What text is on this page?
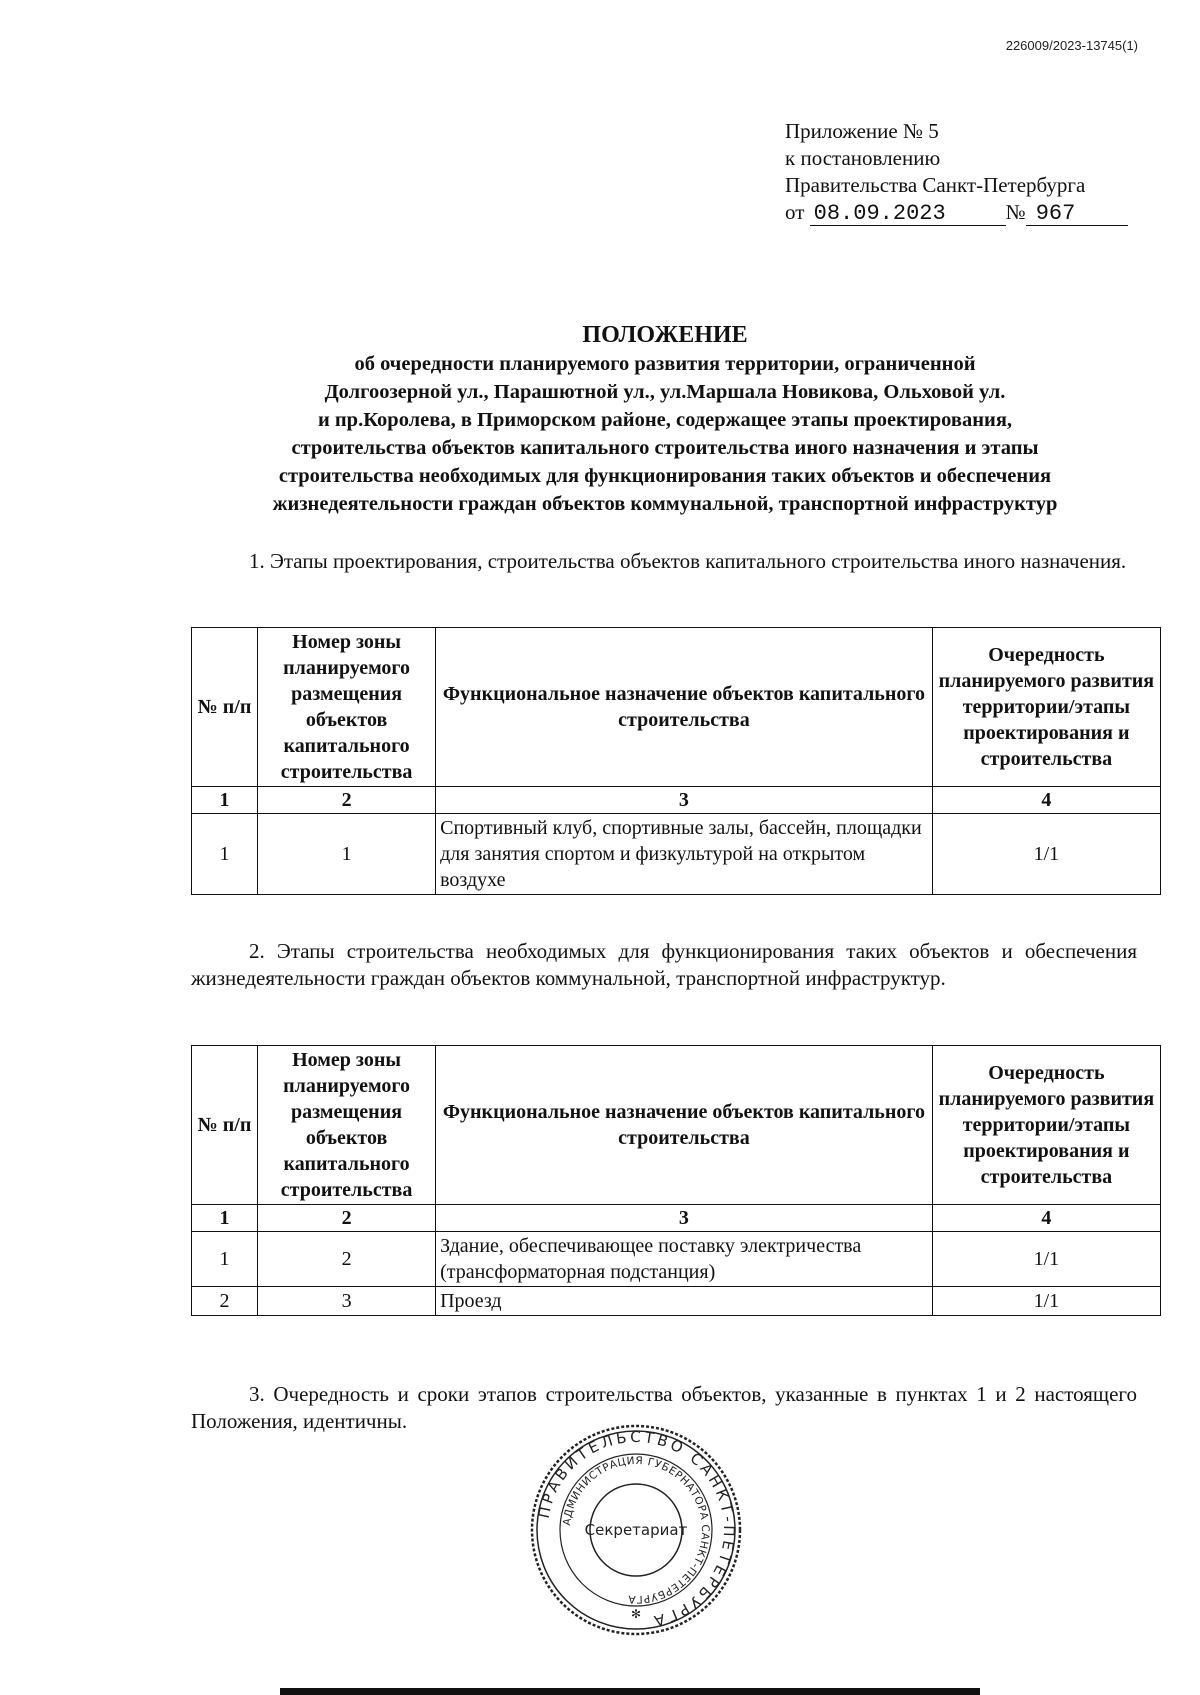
226009/2023-13745(1)
Приложение № 5
к постановлению
Правительства Санкт-Петербурга
от 08.09.2023	№ 967
ПОЛОЖЕНИЕ
об очередности планируемого развития территории, ограниченной
Долгоозерной ул., Парашютной ул., ул.Маршала Новикова, Ольховой ул.
и пр.Королева, в Приморском районе, содержащее этапы проектирования,
строительства объектов капитального строительства иного назначения и этапы
строительства необходимых для функционирования таких объектов и обеспечения
жизнедеятельности граждан объектов коммунальной, транспортной инфраструктур
1. Этапы проектирования, строительства объектов капитального строительства иного назначения.
№ п/п	Номер зоны планируемого размещения объектов капитального строительства	Функциональное назначение объектов капитального строительства	Очередность планируемого развития территории/этапы проектирования и строительства
1	2	3	4
1	1	Спортивный клуб, спортивные залы, бассейн, площадки для занятия спортом и физкультурой на открытом воздухе	1/1
2. Этапы строительства необходимых для функционирования таких объектов и обеспечения жизнедеятельности граждан объектов коммунальной, транспортной инфраструктур.
№ п/п	Номер зоны планируемого размещения объектов капитального строительства	Функциональное назначение объектов капитального строительства	Очередность планируемого развития территории/этапы проектирования и строительства
1	2	3	4
1	2	Здание, обеспечивающее поставку электричества (трансформаторная подстанция)	1/1
2	3	Проезд	1/1
3. Очередность и сроки этапов строительства объектов, указанные в пунктах 1 и 2 настоящего Положения, идентичны.
ПРАВИТЕЛЬСТВО САНКТ-ПЕТЕРБУРГА
АДМИНИСТРАЦИЯ ГУБЕРНАТОРА САНКТ-ПЕТЕРБУРГА
Секретариат
✻
